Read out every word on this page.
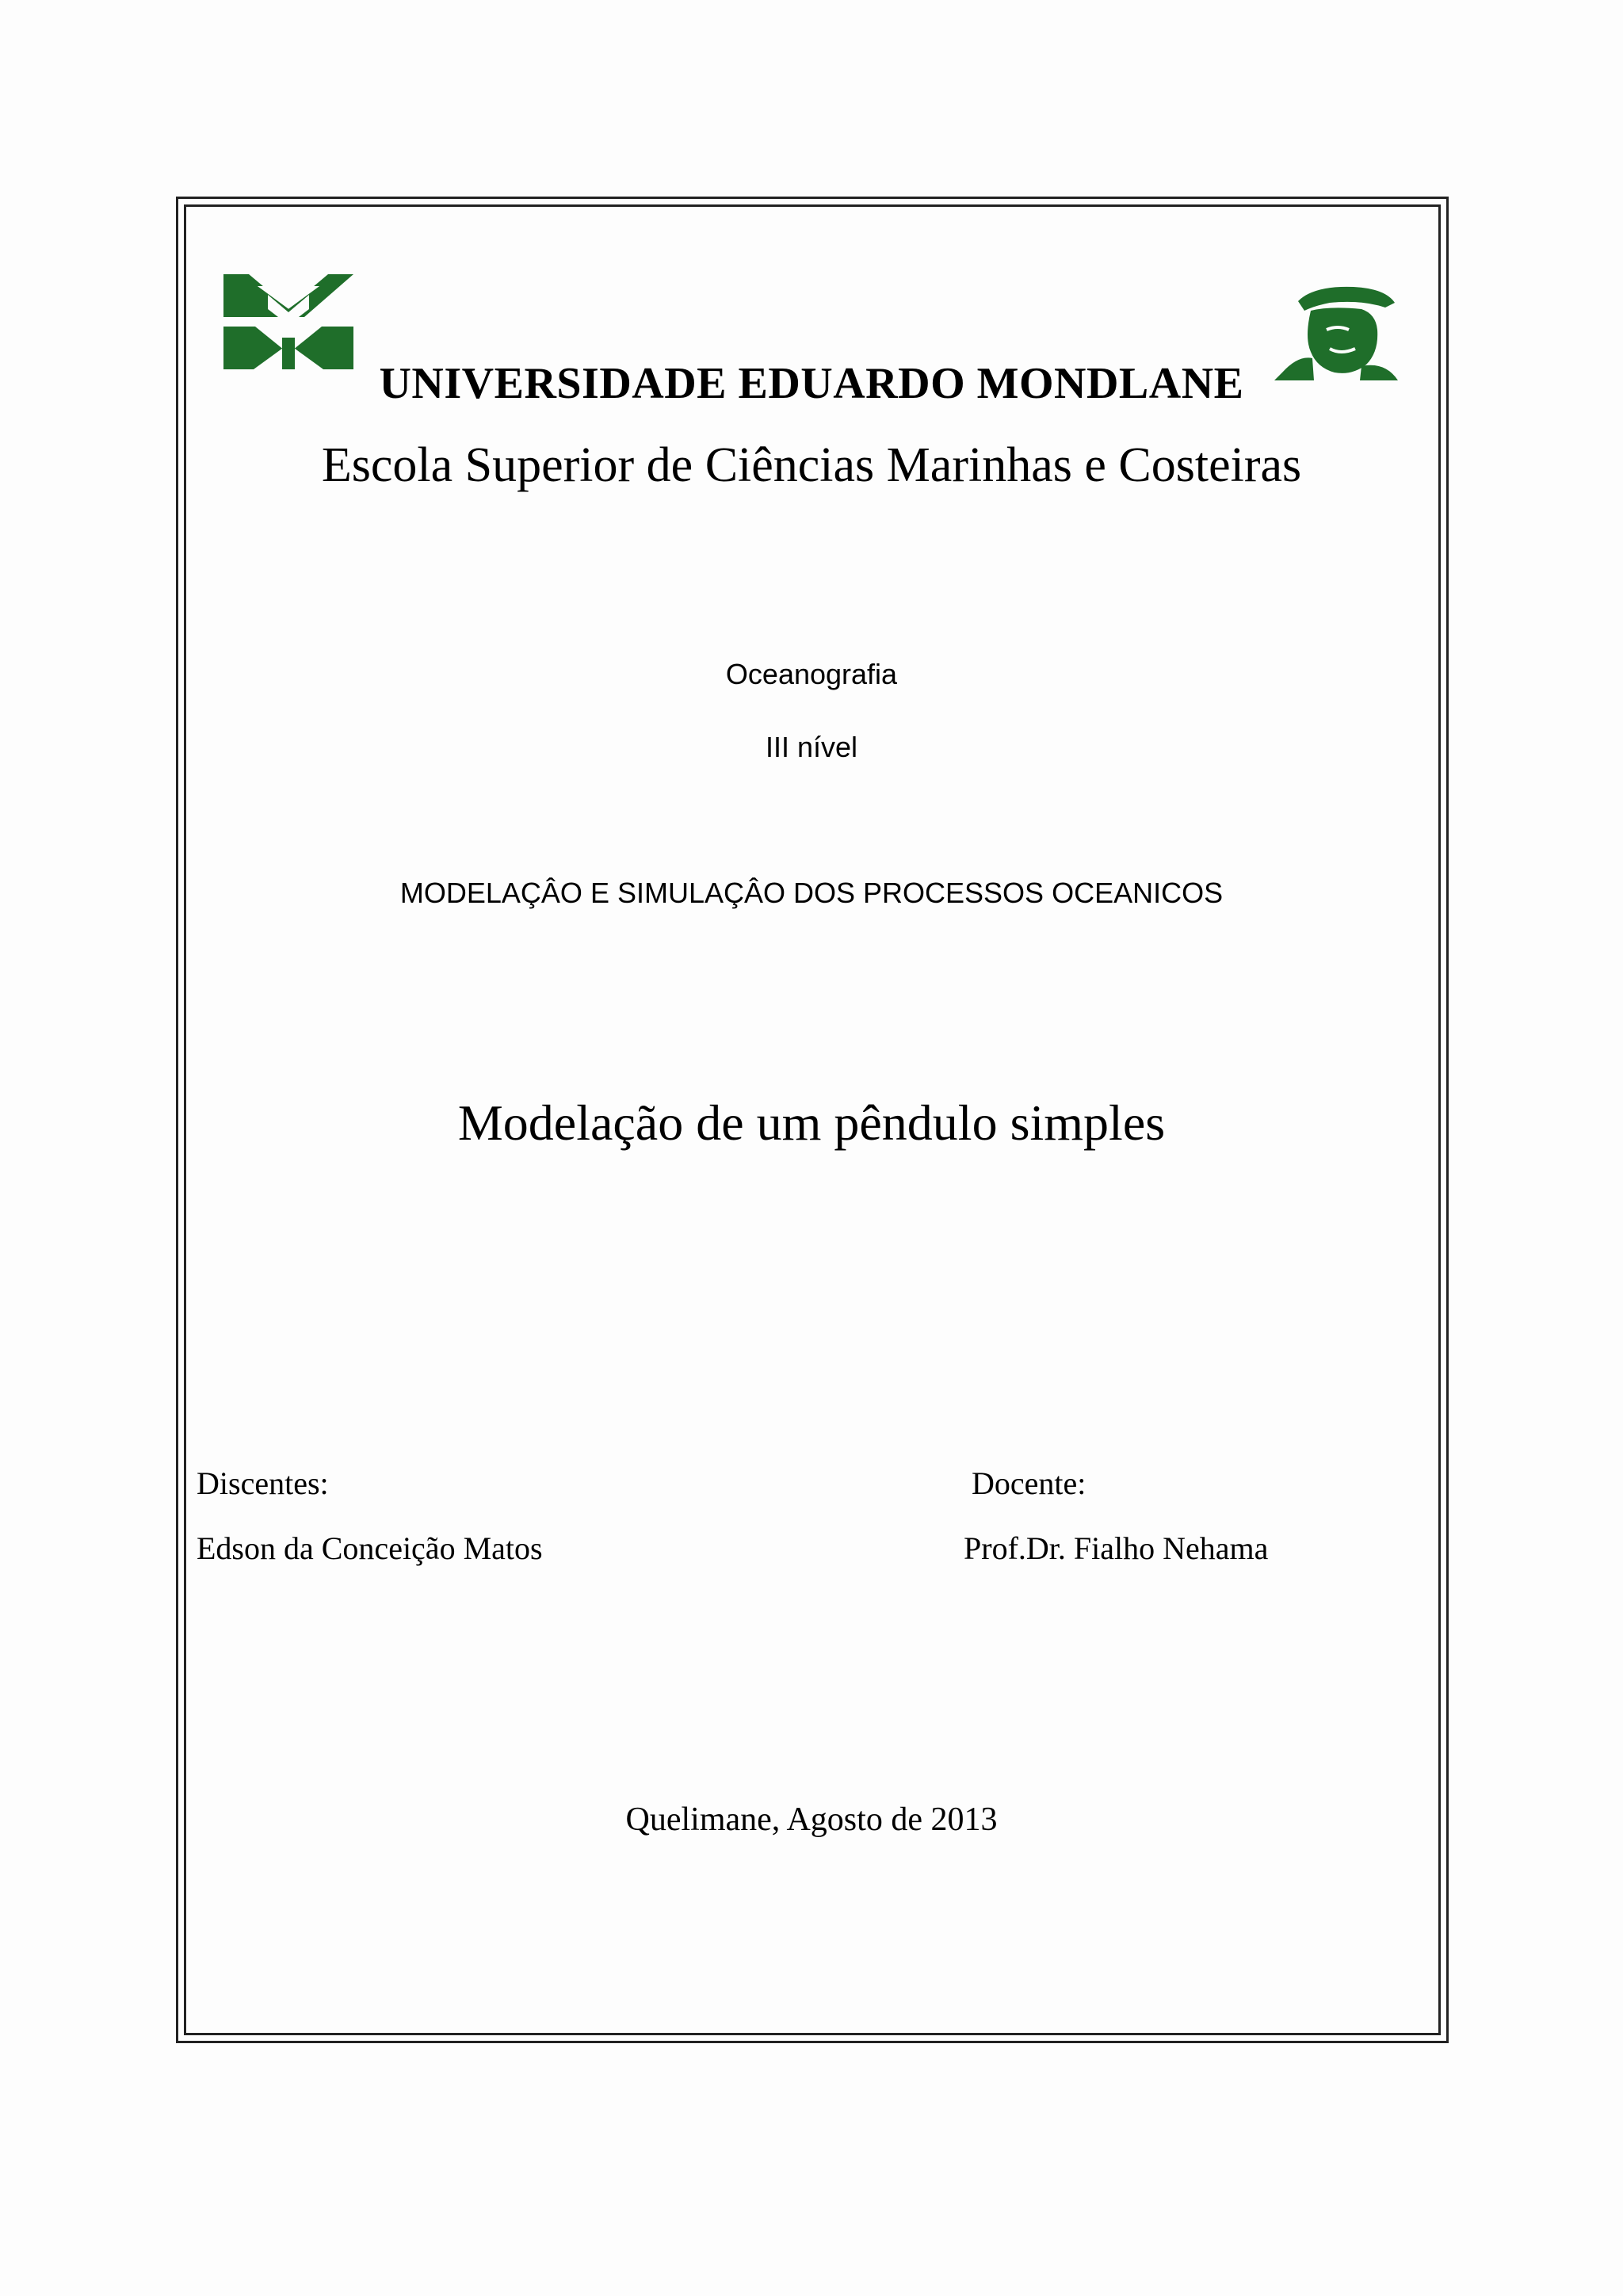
UNIVERSIDADE EDUARDO MONDLANE
Escola Superior de Ciências Marinhas e Costeiras
Oceanografia
III nível
MODELAÇÂO E SIMULAÇÂO DOS PROCESSOS OCEANICOS
Modelação de um pêndulo simples
Discentes:
Edson da Conceição Matos
Docente:
Prof.Dr. Fialho Nehama
Quelimane, Agosto de 2013
